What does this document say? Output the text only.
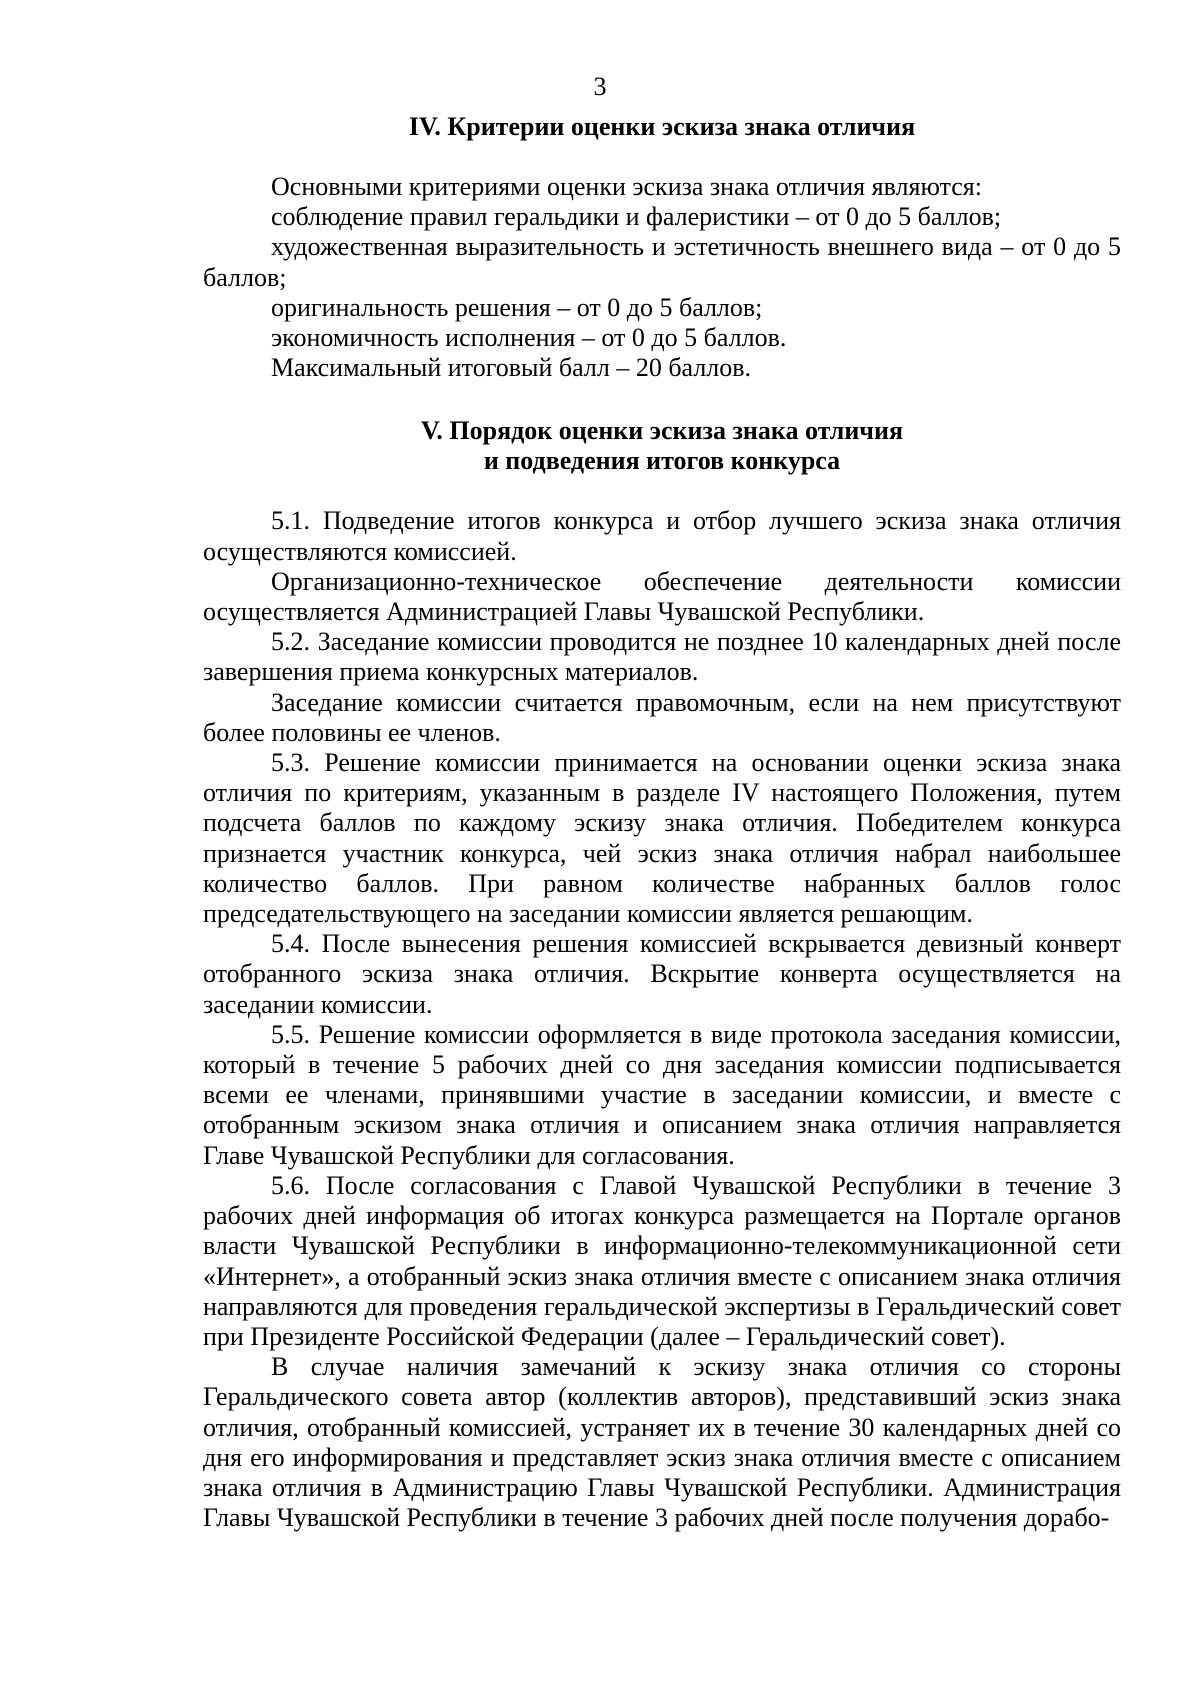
3
IV. Критерии оценки эскиза знака отличия

Основными критериями оценки эскиза знака отличия являются:

соблюдение правил геральдики и фалеристики – от 0 до 5 баллов;

художественная выразительность и эстетичность внешнего вида – от 0 до 5 баллов;

оригинальность решения – от 0 до 5 баллов;

экономичность исполнения – от 0 до 5 баллов.

Максимальный итоговый балл – 20 баллов.

V. Порядок оценки эскиза знака отличия
и подведения итогов конкурса

5.1. Подведение итогов конкурса и отбор лучшего эскиза знака отличия осуществляются комиссией.

Организационно-техническое обеспечение деятельности комиссии осуществляется Администрацией Главы Чувашской Республики.

5.2. Заседание комиссии проводится не позднее 10 календарных дней после завершения приема конкурсных материалов.

Заседание комиссии считается правомочным, если на нем присутствуют более половины ее членов.

5.3. Решение комиссии принимается на основании оценки эскиза знака отличия по критериям, указанным в разделе IV настоящего Положения, путем подсчета баллов по каждому эскизу знака отличия. Победителем конкурса признается участник конкурса, чей эскиз знака отличия набрал наибольшее количество баллов. При равном количестве набранных баллов голос председательствующего на заседании комиссии является решающим.

5.4. После вынесения решения комиссией вскрывается девизный конверт отобранного эскиза знака отличия. Вскрытие конверта осуществляется на заседании комиссии.

5.5. Решение комиссии оформляется в виде протокола заседания комиссии, который в течение 5 рабочих дней со дня заседания комиссии подписывается всеми ее членами, принявшими участие в заседании комиссии, и вместе с отобранным эскизом знака отличия и описанием знака отличия направляется Главе Чувашской Республики для согласования.

5.6. После согласования с Главой Чувашской Республики в течение 3 рабочих дней информация об итогах конкурса размещается на Портале органов власти Чувашской Республики в информационно-телекоммуникационной сети «Интернет», а отобранный эскиз знака отличия вместе с описанием знака отличия направляются для проведения геральдической экспертизы в Геральдический совет при Президенте Российской Федерации (далее – Геральдический совет).

В случае наличия замечаний к эскизу знака отличия со стороны Геральдического совета автор (коллектив авторов), представивший эскиз знака отличия, отобранный комиссией, устраняет их в течение 30 календарных дней со дня его информирования и представляет эскиз знака отличия вместе с описанием знака отличия в Администрацию Главы Чувашской Республики. Администрация Главы Чувашской Республики в течение 3 рабочих дней после получения дорабо-
